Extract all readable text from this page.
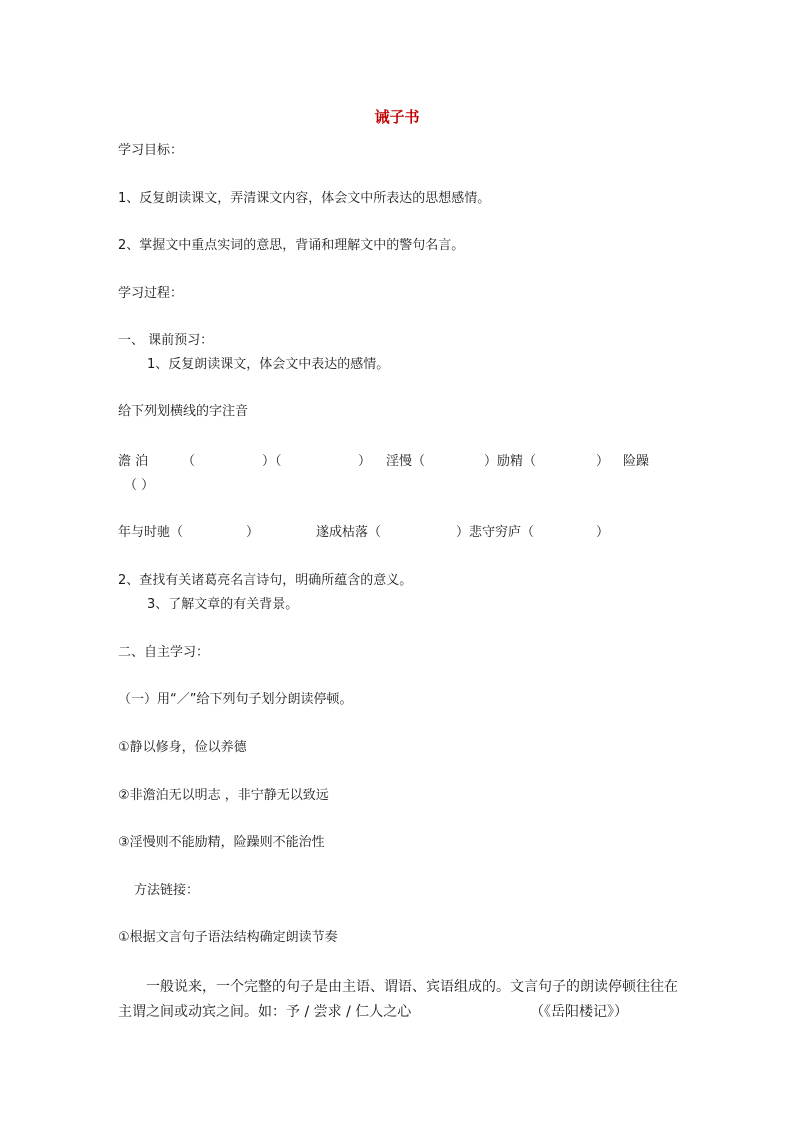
诫子书
学习目标：
1、反复朗读课文，弄清课文内容，体会文中所表达的思想感情。
2、掌握文中重点实词的意思，背诵和理解文中的警句名言。
学习过程：
一、 课前预习：
1、反复朗读课文，体会文中表达的感情。
给下列划横线的字注音
澹 泊	（	）（	） 淫慢（	）励精（	） 险躁
（ ）
年与时驰（	）	遂成枯落（	）悲守穷庐（	）
2、查找有关诸葛亮名言诗句，明确所蕴含的意义。
3、了解文章的有关背景。
二、自主学习：
（一）用“／”给下列句子划分朗读停顿。
①静以修身，俭以养德
②非澹泊无以明志 ，非宁静无以致远
③淫慢则不能励精，险躁则不能治性
方法链接：
①根据文言句子语法结构确定朗读节奏
一般说来，一个完整的句子是由主语、谓语、宾语组成的。文言句子的朗读停顿往往在
主谓之间或动宾之间。如：予 / 尝求 / 仁人之心	（《岳阳楼记》）
